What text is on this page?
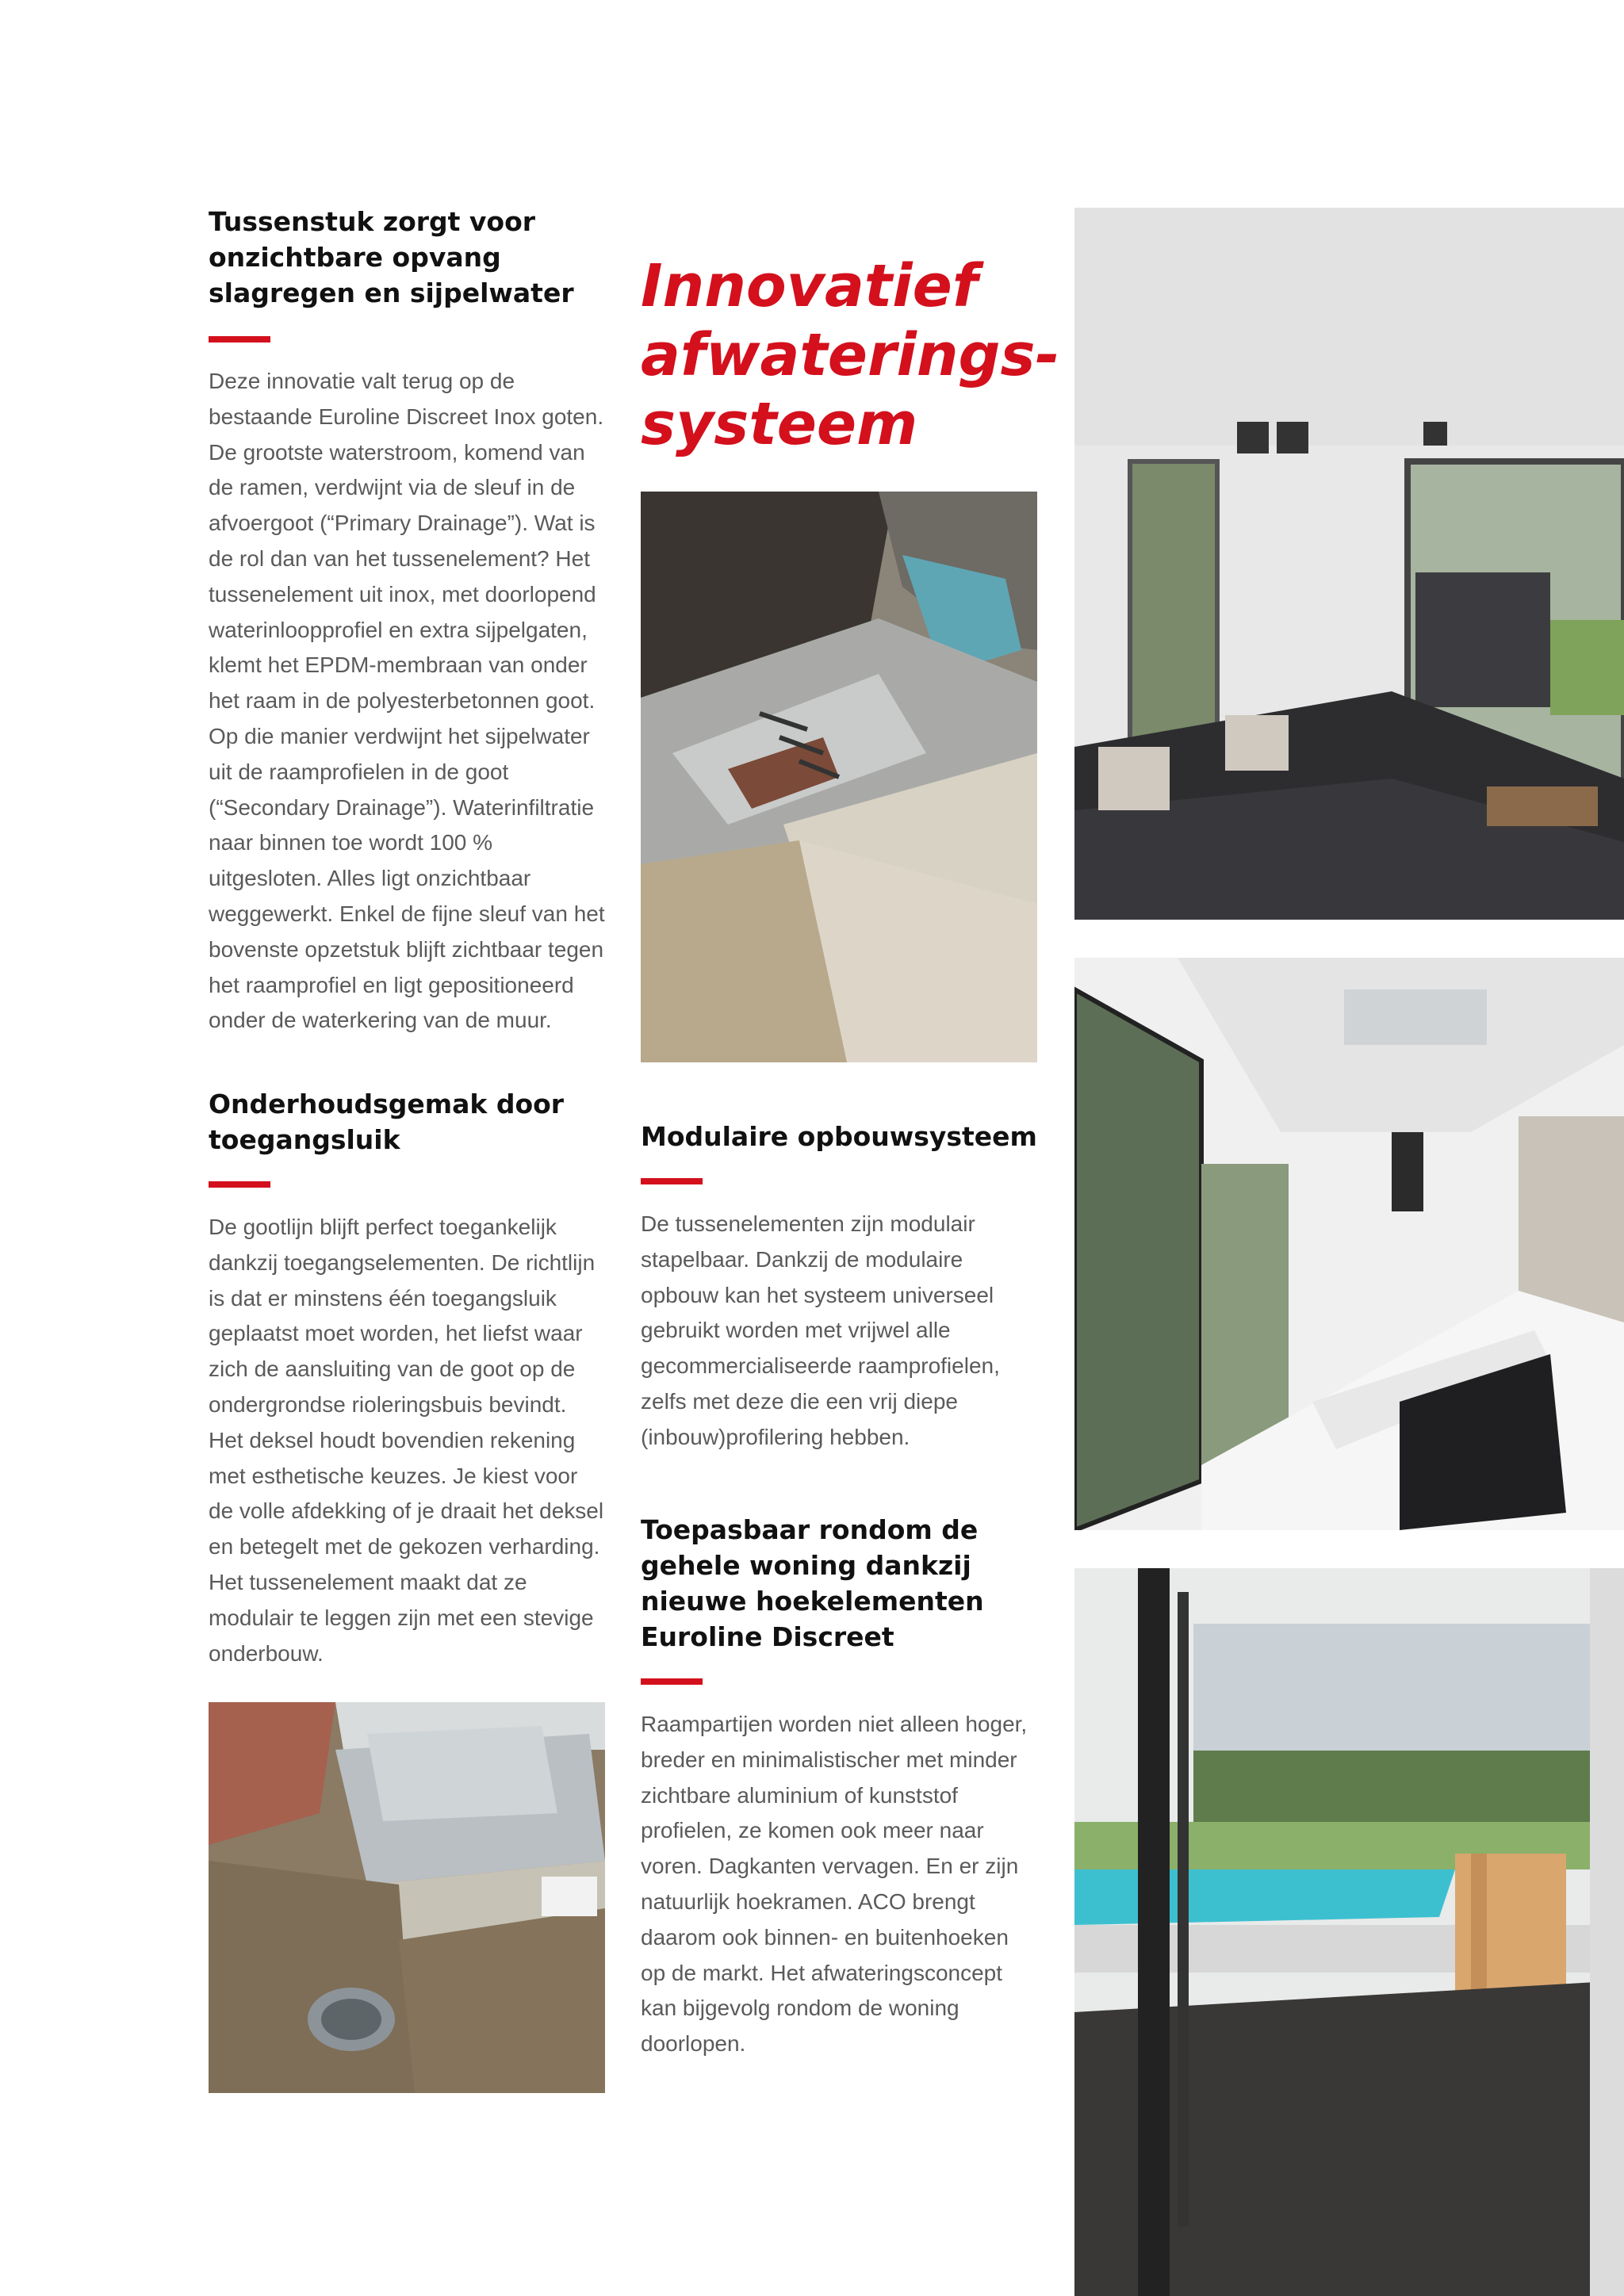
Tussenstuk zorgt voor onzichtbare opvang slagregen en sijpelwater

Deze innovatie valt terug op de bestaande Euroline Discreet Inox goten. De grootste waterstroom, komend van de ramen, verdwijnt via de sleuf in de afvoergoot (“Primary Drainage”). Wat is de rol dan van het tussenelement? Het tussenelement uit inox, met doorlopend waterinloopprofiel en extra sijpelgaten, klemt het EPDM-membraan van onder het raam in de polyesterbetonnen goot. Op die manier verdwijnt het sijpelwater uit de raamprofielen in de goot (“Secondary Drainage”). Waterinfiltratie naar binnen toe wordt 100 % uitgesloten. Alles ligt onzichtbaar weggewerkt. Enkel de fijne sleuf van het bovenste opzetstuk blijft zichtbaar tegen het raamprofiel en ligt gepositioneerd onder de waterkering van de muur.

Onderhoudsgemak door toegangsluik

De gootlijn blijft perfect toegankelijk dankzij toegangselementen. De richtlijn is dat er minstens één toegangsluik geplaatst moet worden, het liefst waar zich de aansluiting van de goot op de ondergrondse rioleringsbuis bevindt. Het deksel houdt bovendien rekening met esthetische keuzes. Je kiest voor de volle afdekking of je draait het deksel en betegelt met de gekozen verharding. Het tussenelement maakt dat ze modulair te leggen zijn met een stevige onderbouw.

Innovatief afwaterings-systeem
Modulaire opbouwsysteem

De tussenelementen zijn modulair stapelbaar. Dankzij de modulaire opbouw kan het systeem universeel gebruikt worden met vrijwel alle gecommercialiseerde raamprofielen, zelfs met deze die een vrij diepe (inbouw)profilering hebben.

Toepasbaar rondom de gehele woning dankzij nieuwe hoekelementen Euroline Discreet

Raampartijen worden niet alleen hoger, breder en minimalistischer met minder zichtbare aluminium of kunststof profielen, ze komen ook meer naar voren. Dagkanten vervagen. En er zijn natuurlijk hoekramen. ACO brengt daarom ook binnen- en buitenhoeken op de markt. Het afwateringsconcept kan bijgevolg rondom de woning doorlopen.
